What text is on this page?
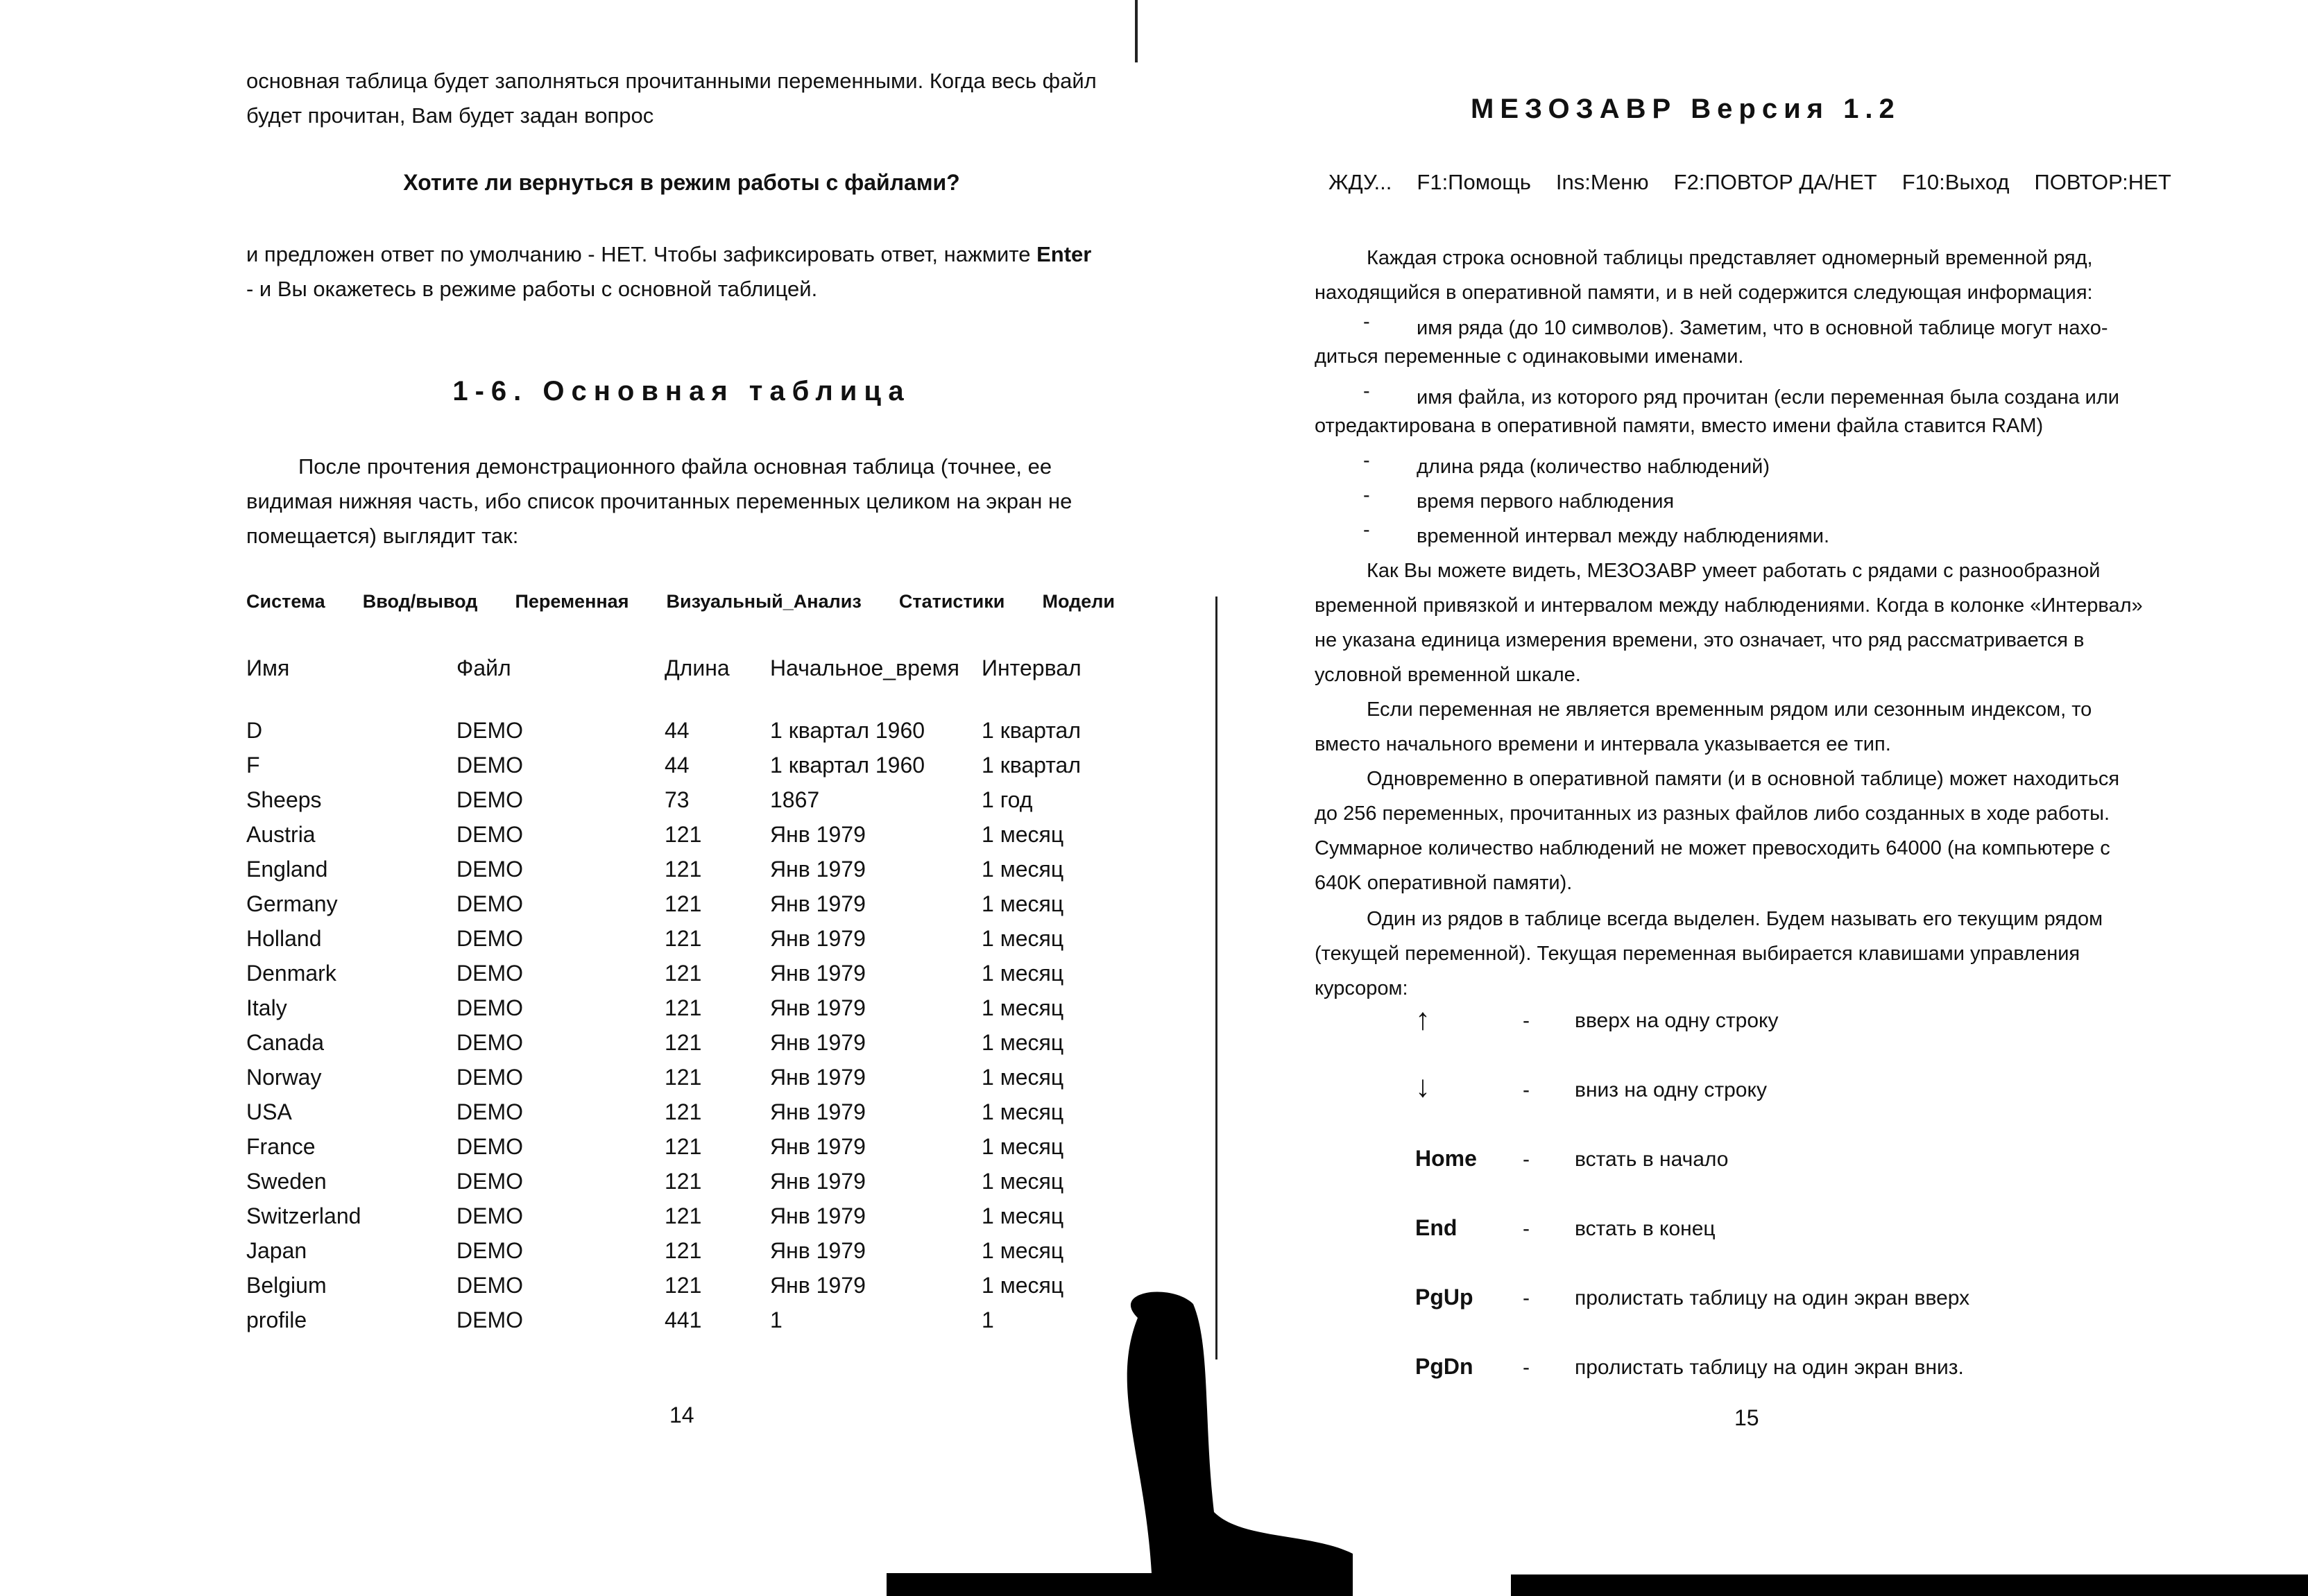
основная таблица будет заполняться прочитанными переменными. Когда весь файл
будет прочитан, Вам будет задан вопрос

Хотите ли вернуться в режим работы с файлами?

и предложен ответ по умолчанию - НЕТ. Чтобы зафиксировать ответ, нажмите Enter
- и Вы окажетесь в режиме работы с основной таблицей.

1-6. Основная таблица

После прочтения демонстрационного файла основная таблица (точнее, ее
видимая нижняя часть, ибо список прочитанных переменных целиком на экран не
помещается) выглядит так:

Система Ввод/вывод Переменная Визуальный_Анализ Статистики Модели
Имя	Файл	Длина Начальное_время Интервал
D	DEMO	44	1 квартал 1960	1 квартал
F	DEMO	44	1 квартал 1960	1 квартал
Sheeps	DEMO	73	1867	1 год
Austria	DEMO	121	Янв 1979	1 месяц
England	DEMO	121	Янв 1979	1 месяц
Germany	DEMO	121	Янв 1979	1 месяц
Holland	DEMO	121	Янв 1979	1 месяц
Denmark	DEMO	121	Янв 1979	1 месяц
Italy	DEMO	121	Янв 1979	1 месяц
Canada	DEMO	121	Янв 1979	1 месяц
Norway	DEMO	121	Янв 1979	1 месяц
USA	DEMO	121	Янв 1979	1 месяц
France	DEMO	121	Янв 1979	1 месяц
Sweden	DEMO	121	Янв 1979	1 месяц
Switzerland	DEMO	121	Янв 1979	1 месяц
Japan	DEMO	121	Янв 1979	1 месяц
Belgium	DEMO	121	Янв 1979	1 месяц
profile	DEMO	441	1	1
14
МЕЗОЗАВР Версия 1.2
ЖДУ... F1:Помощь Ins:Меню F2:ПОВТОР ДА/НЕТ F10:Выход ПОВТОР:НЕТ

Каждая строка основной таблицы представляет одномерный временной ряд,
находящийся в оперативной памяти, и в ней содержится следующая информация:

- имя ряда (до 10 символов). Заметим, что в основной таблице могут нахо-
диться переменные с одинаковыми именами.
- имя файла, из которого ряд прочитан (если переменная была создана или
отредактирована в оперативной памяти, вместо имени файла ставится RAM)
- длина ряда (количество наблюдений)
- время первого наблюдения
- временной интервал между наблюдениями.

Как Вы можете видеть, МЕЗОЗАВР умеет работать с рядами с разнообразной
временной привязкой и интервалом между наблюдениями. Когда в колонке «Интервал»
не указана единица измерения времени, это означает, что ряд рассматривается в
условной временной шкале.

Если переменная не является временным рядом или сезонным индексом, то
вместо начального времени и интервала указывается ее тип.

Одновременно в оперативной памяти (и в основной таблице) может находиться
до 256 переменных, прочитанных из разных файлов либо созданных в ходе работы.
Суммарное количество наблюдений не может превосходить 64000 (на компьютере с
640K оперативной памяти).

Один из рядов в таблице всегда выделен. Будем называть его текущим рядом
(текущей переменной). Текущая переменная выбирается клавишами управления
курсором:

↑	- вверх на одну строку
↓	- вниз на одну строку
Home	- встать в начало
End	- встать в конец
PgUp	- пролистать таблицу на один экран вверх
PgDn	- пролистать таблицу на один экран вниз.
15
